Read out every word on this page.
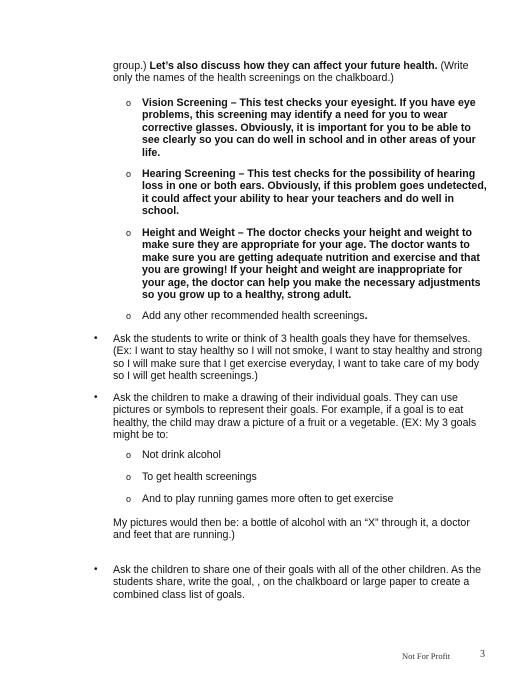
group.) Let’s also discuss how they can affect your future health. (Write only the names of the health screenings on the chalkboard.)

o Vision Screening – This test checks your eyesight. If you have eye problems, this screening may identify a need for you to wear corrective glasses. Obviously, it is important for you to be able to see clearly so you can do well in school and in other areas of your life.

o Hearing Screening – This test checks for the possibility of hearing loss in one or both ears. Obviously, if this problem goes undetected, it could affect your ability to hear your teachers and do well in school.

o Height and Weight – The doctor checks your height and weight to make sure they are appropriate for your age. The doctor wants to make sure you are getting adequate nutrition and exercise and that you are growing! If your height and weight are inappropriate for your age, the doctor can help you make the necessary adjustments so you grow up to a healthy, strong adult.

o Add any other recommended health screenings.

• Ask the students to write or think of 3 health goals they have for themselves. (Ex: I want to stay healthy so I will not smoke, I want to stay healthy and strong so I will make sure that I get exercise everyday, I want to take care of my body so I will get health screenings.)

• Ask the children to make a drawing of their individual goals. They can use pictures or symbols to represent their goals. For example, if a goal is to eat healthy, the child may draw a picture of a fruit or a vegetable. (EX: My 3 goals might be to:

o Not drink alcohol

o To get health screenings

o And to play running games more often to get exercise

My pictures would then be: a bottle of alcohol with an “X” through it, a doctor and feet that are running.)

• Ask the children to share one of their goals with all of the other children. As the students share, write the goal, , on the chalkboard or large paper to create a combined class list of goals.

Not For Profit	3
